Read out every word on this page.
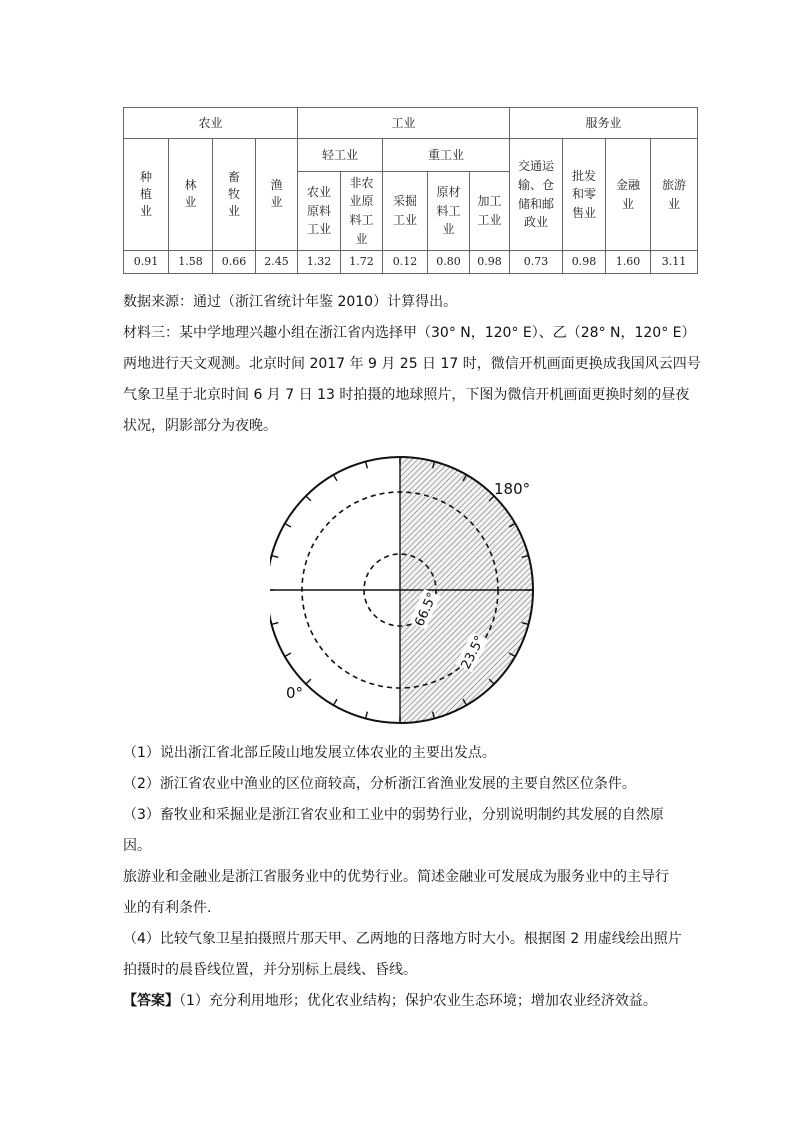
农业				工业					服务业			
种植业	林业	畜牧业	渔业	轻工业		重工业			交通运输、仓储和邮政业	批发和零售业	金融业	旅游业
				农业原料工业	非农业原料工业	采掘工业	原材料工业	加工工业				
0.91	1.58	0.66	2.45	1.32	1.72	0.12	0.80	0.98	0.73	0.98	1.60	3.11
数据来源：通过（浙江省统计年鉴 2010）计算得出。
材料三：某中学地理兴趣小组在浙江省内选择甲（30° N，120° E）、乙（28° N，120° E）
两地进行天文观测。北京时间 2017 年 9 月 25 日 17 时，微信开机画面更换成我国风云四号
气象卫星于北京时间 6 月 7 日 13 时拍摄的地球照片，下图为微信开机画面更换时刻的昼夜
状况，阴影部分为夜晚。
66.5°
23.5°
180°
0°
（1）说出浙江省北部丘陵山地发展立体农业的主要出发点。
（2）浙江省农业中渔业的区位商较高，分析浙江省渔业发展的主要自然区位条件。
（3）畜牧业和采掘业是浙江省农业和工业中的弱势行业，分别说明制约其发展的自然原
因。
旅游业和金融业是浙江省服务业中的优势行业。简述金融业可发展成为服务业中的主导行
业的有利条件.
（4）比较气象卫星拍摄照片那天甲、乙两地的日落地方时大小。根据图 2 用虚线绘出照片
拍摄时的晨昏线位置，并分别标上晨线、昏线。
【答案】（1）充分利用地形；优化农业结构；保护农业生态环境；增加农业经济效益。
